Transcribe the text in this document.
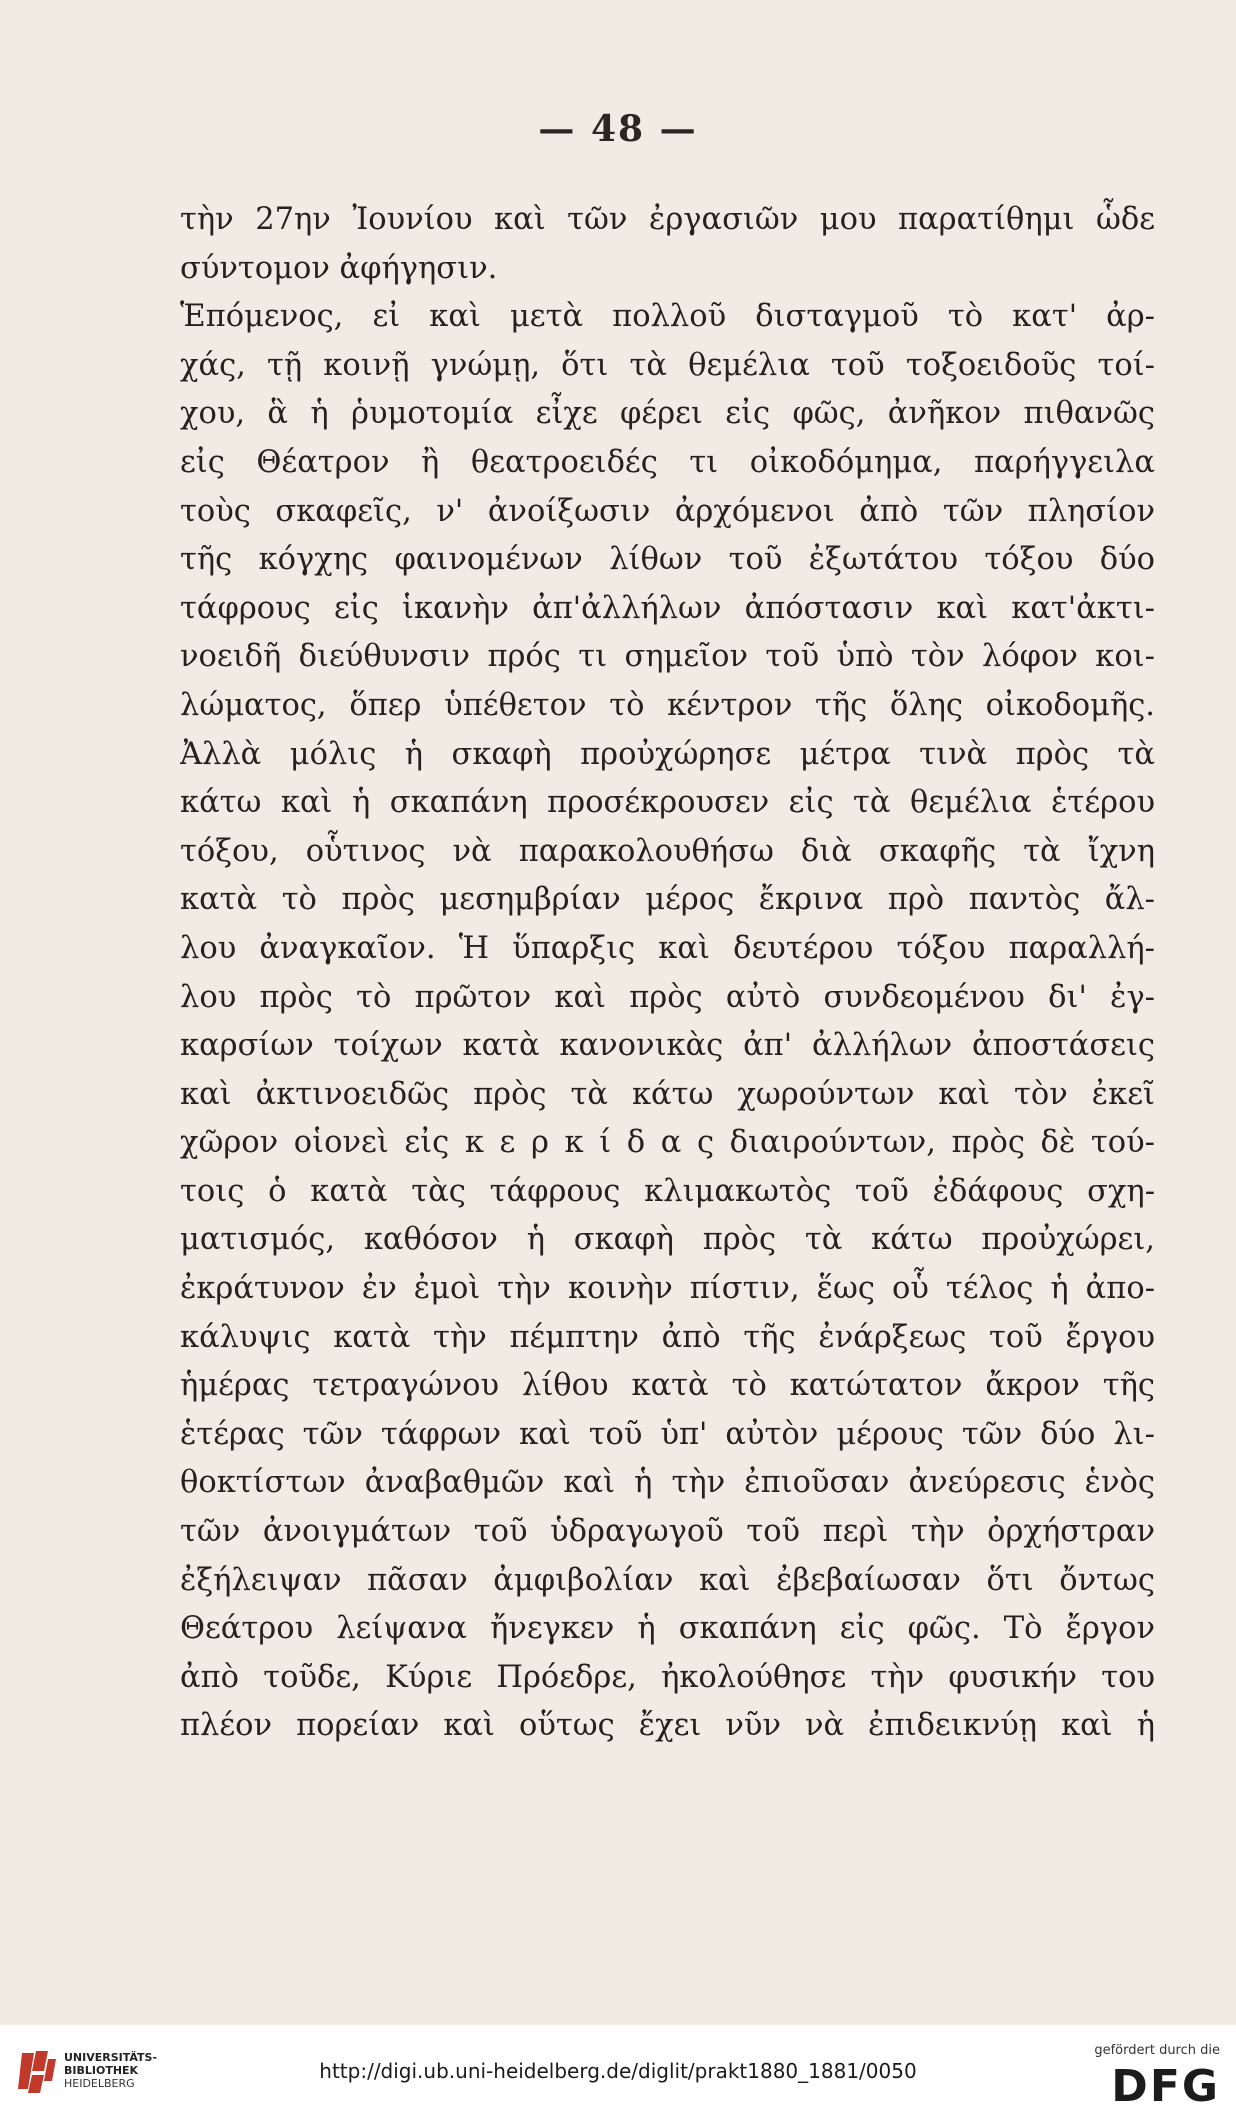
— 48 —
τὴν 27ην Ἰουνίου καὶ τῶν ἐργασιῶν μου παρατίθημι ὧδε
σύντομον ἀφήγησιν.
Ἑπόμενος, εἰ καὶ μετὰ πολλοῦ δισταγμοῦ τὸ κατ' ἀρ-
χάς, τῇ κοινῇ γνώμῃ, ὅτι τὰ θεμέλια τοῦ τοξοειδοῦς τοί-
χου, ἃ ἡ ῥυμοτομία εἶχε φέρει εἰς φῶς, ἀνῆκον πιθανῶς
εἰς Θέατρον ἢ θεατροειδές τι οἰκοδόμημα, παρήγγειλα
τοὺς σκαφεῖς, ν' ἀνοίξωσιν ἀρχόμενοι ἀπὸ τῶν πλησίον
τῆς κόγχης φαινομένων λίθων τοῦ ἐξωτάτου τόξου δύο
τάφρους εἰς ἱκανὴν ἀπ'ἀλλήλων ἀπόστασιν καὶ κατ'ἀκτι-
νοειδῆ διεύθυνσιν πρός τι σημεῖον τοῦ ὑπὸ τὸν λόφον κοι-
λώματος, ὅπερ ὑπέθετον τὸ κέντρον τῆς ὅλης οἰκοδομῆς.
Ἀλλὰ μόλις ἡ σκαφὴ προὐχώρησε μέτρα τινὰ πρὸς τὰ
κάτω καὶ ἡ σκαπάνη προσέκρουσεν εἰς τὰ θεμέλια ἑτέρου
τόξου, οὗτινος νὰ παρακολουθήσω διὰ σκαφῆς τὰ ἴχνη
κατὰ τὸ πρὸς μεσημβρίαν μέρος ἔκρινα πρὸ παντὸς ἄλ-
λου ἀναγκαῖον. Ἡ ὕπαρξις καὶ δευτέρου τόξου παραλλή-
λου πρὸς τὸ πρῶτον καὶ πρὸς αὐτὸ συνδεομένου δι' ἐγ-
καρσίων τοίχων κατὰ κανονικὰς ἀπ' ἀλλήλων ἀποστάσεις
καὶ ἀκτινοειδῶς πρὸς τὰ κάτω χωρούντων καὶ τὸν ἐκεῖ
χῶρον οἱονεὶ εἰς κ ε ρ κ ί δ α ς διαιρούντων, πρὸς δὲ τού-
τοις ὁ κατὰ τὰς τάφρους κλιμακωτὸς τοῦ ἐδάφους σχη-
ματισμός, καθόσον ἡ σκαφὴ πρὸς τὰ κάτω προὐχώρει,
ἐκράτυνον ἐν ἐμοὶ τὴν κοινὴν πίστιν, ἕως οὗ τέλος ἡ ἀπο-
κάλυψις κατὰ τὴν πέμπτην ἀπὸ τῆς ἐνάρξεως τοῦ ἔργου
ἡμέρας τετραγώνου λίθου κατὰ τὸ κατώτατον ἄκρον τῆς
ἑτέρας τῶν τάφρων καὶ τοῦ ὑπ' αὐτὸν μέρους τῶν δύο λι-
θοκτίστων ἀναβαθμῶν καὶ ἡ τὴν ἐπιοῦσαν ἀνεύρεσις ἑνὸς
τῶν ἀνοιγμάτων τοῦ ὑδραγωγοῦ τοῦ περὶ τὴν ὀρχήστραν
ἐξήλειψαν πᾶσαν ἀμφιβολίαν καὶ ἐβεβαίωσαν ὅτι ὄντως
Θεάτρου λείψανα ἤνεγκεν ἡ σκαπάνη εἰς φῶς. Τὸ ἔργον
ἀπὸ τοῦδε, Κύριε Πρόεδρε, ἠκολούθησε τὴν φυσικήν του
πλέον πορείαν καὶ οὕτως ἔχει νῦν νὰ ἐπιδεικνύῃ καὶ ἡ
UNIVERSITÄTS-
BIBLIOTHEK
HEIDELBERG
http://digi.ub.uni-heidelberg.de/diglit/prakt1880_1881/0050
gefördert durch die
DFG
